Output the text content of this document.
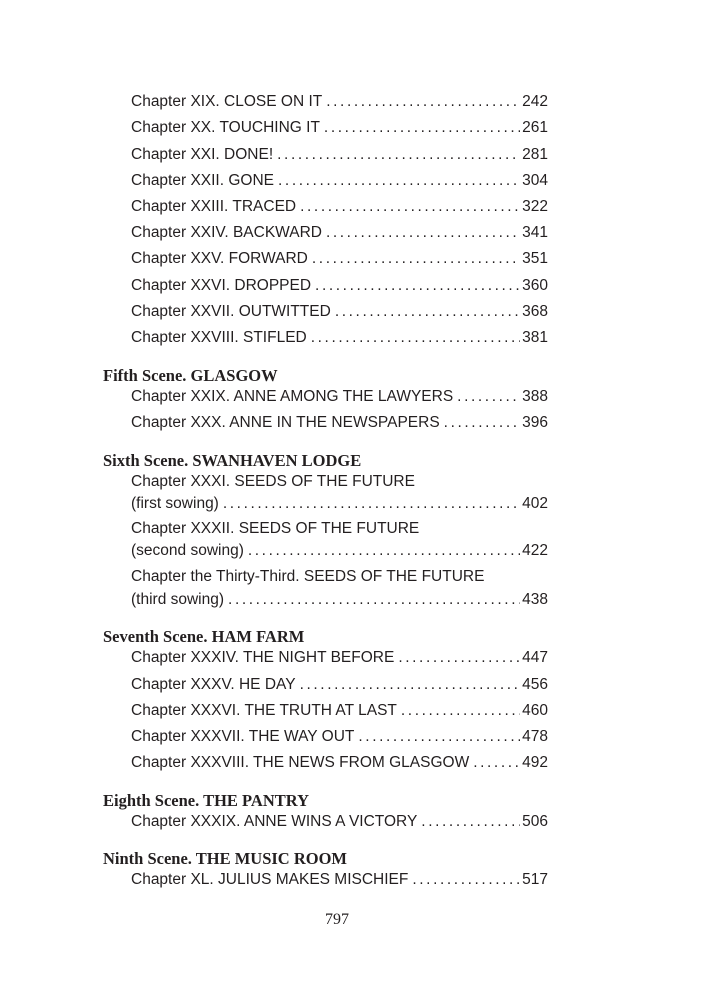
Chapter XIX. CLOSE ON IT .....	242
Chapter XX. TOUCHING IT .....	261
Chapter XXI. DONE! .....	281
Chapter XXII. GONE .....	304
Chapter XXIII. TRACED .....	322
Chapter XXIV. BACKWARD .....	341
Chapter XXV. FORWARD .....	351
Chapter XXVI. DROPPED .....	360
Chapter XXVII. OUTWITTED .....	368
Chapter XXVIII. STIFLED .....	381
Fifth Scene. GLASGOW
Chapter XXIX. ANNE AMONG THE LAWYERS .....	388
Chapter XXX. ANNE IN THE NEWSPAPERS .....	396
Sixth Scene. SWANHAVEN LODGE
Chapter XXXI. SEEDS OF THE FUTURE
(first sowing) .....	402
Chapter XXXII. SEEDS OF THE FUTURE
(second sowing) .....	422
Chapter the Thirty-Third. SEEDS OF THE FUTURE
(third sowing) .....	438
Seventh Scene. HAM FARM
Chapter XXXIV. THE NIGHT BEFORE .....	447
Chapter XXXV. HE DAY .....	456
Chapter XXXVI. THE TRUTH AT LAST .....	460
Chapter XXXVII. THE WAY OUT .....	478
Chapter XXXVIII. THE NEWS FROM GLASGOW .....	492
Eighth Scene. THE PANTRY
Chapter XXXIX. ANNE WINS A VICTORY .....	506
Ninth Scene. THE MUSIC ROOM
Chapter XL. JULIUS MAKES MISCHIEF .....	517
797
